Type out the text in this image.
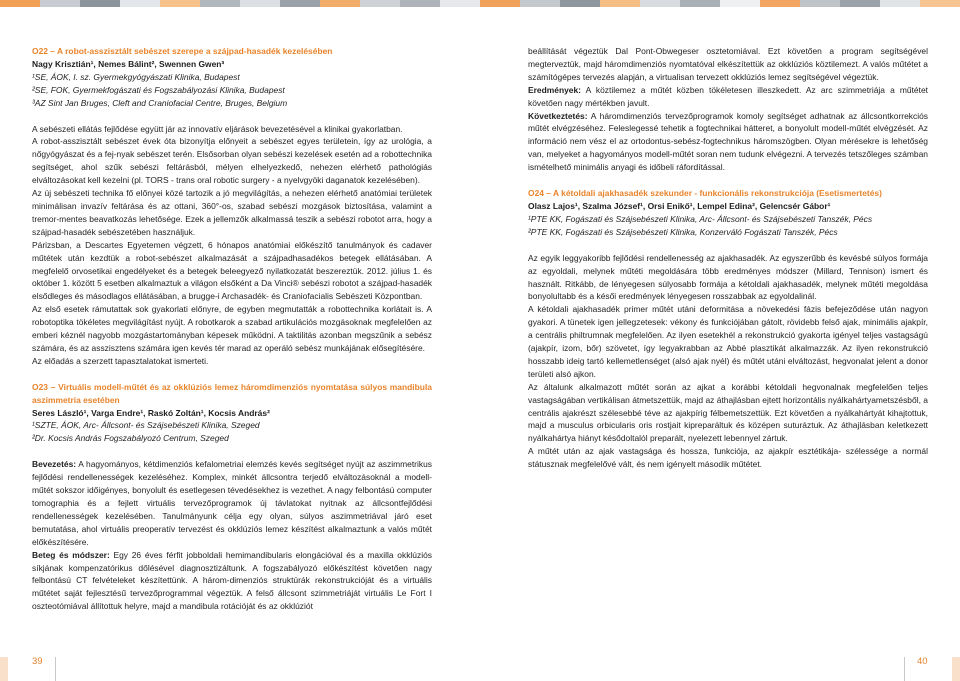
O22 – A robot-asszisztált sebészet szerepe a szájpad-hasadék kezelésében

Nagy Krisztián¹, Nemes Bálint², Swennen Gwen³

¹SE, ÁOK, I. sz. Gyermekgyógyászati Klinika, Budapest

²SE, FOK, Gyermekfogászati és Fogszabályozási Klinika, Budapest

³AZ Sint Jan Bruges, Cleft and Craniofacial Centre, Bruges, Belgium

A sebészeti ellátás fejlődése együtt jár az innovatív eljárások bevezetésével a klinikai gyakorlatban.

A robot-asszisztált sebészet évek óta bizonyítja előnyeit a sebészet egyes területein, így az urológia, a nőgyógyászat és a fej-nyak sebészet terén. Elsősorban olyan sebészi kezelések esetén ad a robottechnika segítséget, ahol szűk sebészi feltárásból, mélyen elhelyezkedő, nehezen elérhető pathológiás elváltozásokat kell kezelni (pl. TORS - trans oral robotic surgery - a nyelvgyöki daganatok kezelésében).

Az új sebészeti technika fő előnyei közé tartozik a jó megvilágítás, a nehezen elérhető anatómiai területek minimálisan invazív feltárása és az ottani, 360°-os, szabad sebészi mozgások biztosítása, valamint a tremor-mentes beavatkozás lehetősége. Ezek a jellemzők alkalmassá teszik a sebészi robotot arra, hogy a szájpad-hasadék sebészetében használjuk.

Párizsban, a Descartes Egyetemen végzett, 6 hónapos anatómiai előkészítő tanulmányok és cadaver műtétek után kezdtük a robot-sebészet alkalmazását a szájpadhasadékos betegek ellátásában. A megfelelő orvosetikai engedélyeket és a betegek beleegyező nyilatkozatát beszereztük. 2012. július 1. és október 1. között 5 esetben alkalmaztuk a világon elsőként a Da Vinci® sebészi robotot a szájpad-hasadék elsődleges és másodlagos ellátásában, a brugge-i Archasadék- és Craniofacialis Sebészeti Központban.

Az első esetek rámutattak sok gyakorlati előnyre, de egyben megmutatták a robottechnika korlátait is. A robotoptika tökéletes megvilágítást nyújt. A robotkarok a szabad artikulációs mozgásoknak megfelelően az emberi kéznél nagyobb mozgástartományban képesek működni. A taktilitás azonban megszűnik a sebész számára, és az asszisztens számára igen kevés tér marad az operáló sebész munkájának elősegítésére.

Az előadás a szerzett tapasztalatokat ismerteti.

O23 – Virtuális modell-műtét és az okklúziós lemez háromdimenziós nyomtatása súlyos mandibula aszimmetria esetében

Seres László¹, Varga Endre¹, Raskó Zoltán¹, Kocsis András²

¹SZTE, ÁOK, Arc- Állcsont- és Szájsebészeti Klinika, Szeged

²Dr. Kocsis András Fogszabályozó Centrum, Szeged

Bevezetés: A hagyományos, kétdimenziós kefalometriai elemzés kevés segítséget nyújt az aszimmetrikus fejlődési rendellenességek kezeléséhez. Komplex, minkét állcsontra terjedő elváltozásoknál a modell-műtét sokszor időigényes, bonyolult és esetlegesen tévedésekhez is vezethet. A nagy felbontású computer tomographia és a fejlett virtuális tervezőprogramok új távlatokat nyitnak az állcsontfejlődési rendellenességek kezelésében. Tanulmányunk célja egy olyan, súlyos aszimmetriával járó eset bemutatása, ahol virtuális preoperatív tervezést és okklúziós lemez készítést alkalmaztunk a valós műtét előkészítésére.

Beteg és módszer: Egy 26 éves férfit jobboldali hemimandibularis elongációval és a maxilla okklúziós síkjának kompenzatórikus dőlésével diagnosztizáltunk. A fogszabályozó előkészítést követően nagy felbontású CT felvételeket készítettünk. A három-dimenziós struktúrák rekonstrukcióját és a virtuális műtétet saját fejlesztésű tervezőprogrammal végeztük. A felső állcsont szimmetriáját virtuális Le Fort I oszteotómiával állítottuk helyre, majd a mandibula rotációját és az okklúziót

beállítását végeztük Dal Pont-Obwegeser osztetomiával. Ezt követően a program segítségével megterveztük, majd háromdimenziós nyomtatóval elkészítettük az okklúziós köztilemezt. A valós műtétet a számítógépes tervezés alapján, a virtualisan tervezett okklúziós lemez segítségével végeztük.

Eredmények: A köztilemez a műtét közben tökéletesen illeszkedett. Az arc szimmetriája a műtétet követően nagy mértékben javult.

Következtetés: A háromdimenziós tervezőprogramok komoly segítséget adhatnak az állcsontkorrekciós műtét elvégzéséhez. Feleslegessé tehetik a fogtechnikai hátteret, a bonyolult modell-műtét elvégzését. Az információ nem vész el az ortodontus-sebész-fogtechnikus háromszögben. Olyan mérésekre is lehetőség van, melyeket a hagyományos modell-műtét soran nem tudunk elvégezni. A tervezés tetszőleges számban ismételhető minimális anyagi és időbeli ráfordítással.

O24 – A kétoldali ajakhasadék szekunder - funkcionális rekonstrukciója (Esetismertetés)

Olasz Lajos¹, Szalma József¹, Orsi Enikő¹, Lempel Edina², Gelencsér Gábor¹

¹PTE KK, Fogászati és Szájsebészeti Klinika, Arc- Állcsont- és Szájsebészeti Tanszék, Pécs

²PTE KK, Fogászati és Szájsebészeti Klinika, Konzerváló Fogászati Tanszék, Pécs

Az egyik leggyakoribb fejlődési rendellenesség az ajakhasadék. Az egyszerűbb és kevésbé súlyos formája az egyoldali, melynek műtéti megoldására több eredményes módszer (Millard, Tennison) ismert és használt. Ritkább, de lényegesen súlyosabb formája a kétoldali ajakhasadék, melynek műtéti megoldása bonyolultabb és a késői eredmények lényegesen rosszabbak az egyoldalinál.

A kétoldali ajakhasadék primer műtét utáni deformitása a növekedési fázis befejeződése után nagyon gyakori. A tünetek igen jellegzetesek: vékony és funkciójában gátolt, rövidebb felső ajak, minimális ajakpír, a centrális philtrumnak megfelelően. Az ilyen esetekhél a rekonstrukció gyakorta igényel teljes vastagságú (ajakpír, izom, bőr) szövetet, így legyakrabban az Abbé plasztikát alkalmazzák. Az ilyen rekonstrukció hosszabb ideig tartó kellemetlenséget (alsó ajak nyél) és műtét utáni elváltozást, hegvonalat jelent a donor területi alsó ajkon.

Az általunk alkalmazott műtét során az ajkat a korábbi kétoldali hegvonalnak megfelelően teljes vastagságában vertikálisan átmetszettük, majd az áthajlásban ejtett horizontális nyálkahártyametszésből, a centrális ajakrészt szélesebbé téve az ajakpírig félbemetszettük. Ezt követően a nyálkahártyát kihajtottuk, majd a musculus orbicularis oris rostjait kipreparáltuk és középen suturáztuk. Az áthajlásban keletkezett nyálkahártya hiányt késődoltalól preparált, nyelezett lebennyel zártuk.

A műtét után az ajak vastagsága és hossza, funkciója, az ajakpír esztétikája- szélessége a normál státusznak megfelelővé vált, és nem igényelt második műtétet.

39	40
